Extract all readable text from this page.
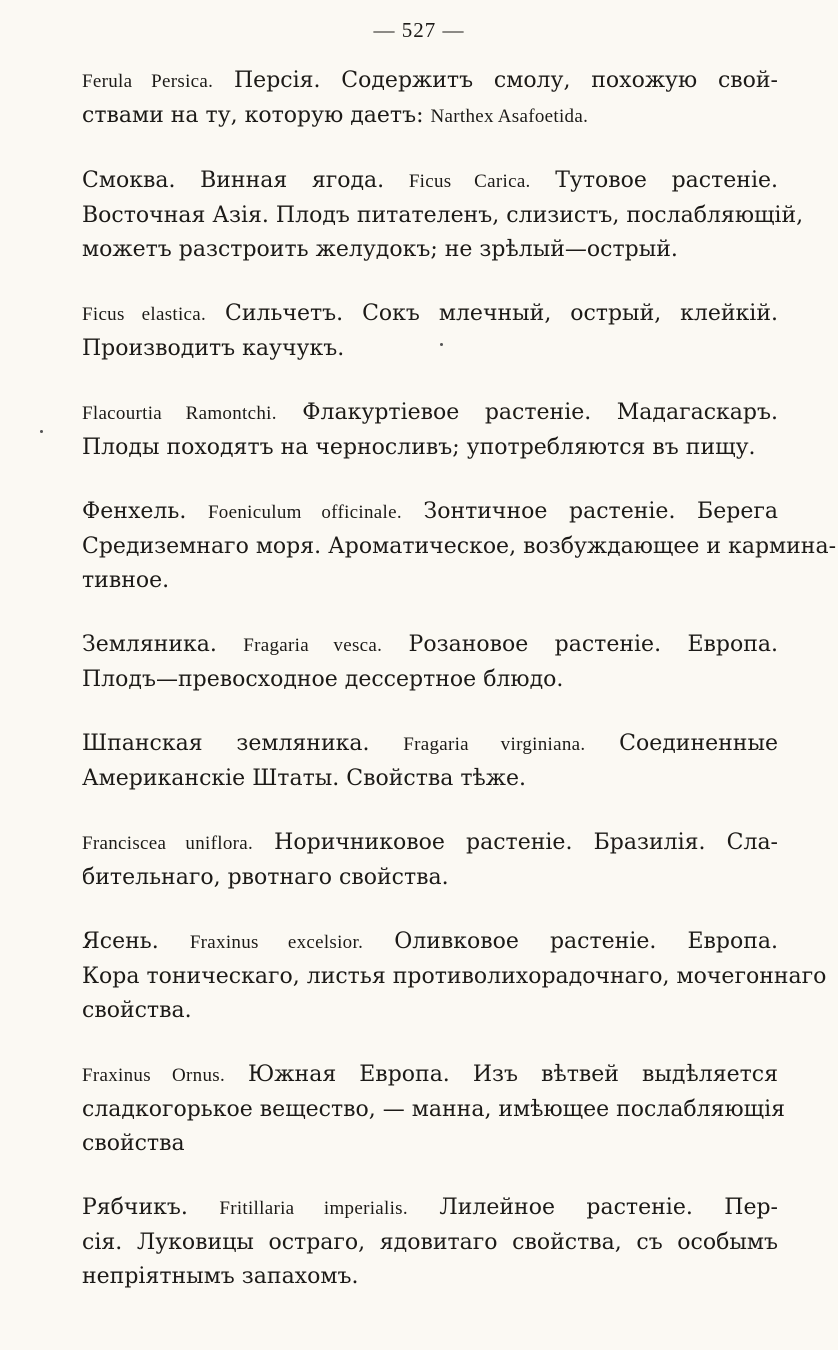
— 527 —
Ferula Persica. Персія. Содержитъ смолу, похожую свой-
ствами на ту, которую даетъ: Narthex Asafoetida.
Смоква. Винная ягода. Ficus Carica. Тутовое растеніе.
Восточная Азія. Плодъ питателенъ, слизистъ, послабляющій,
можетъ разстроить желудокъ; не зрѣлый—острый.
Ficus elastica. Сильчетъ. Сокъ млечный, острый, клейкій.
Производитъ каучукъ.
Flacourtia Ramontchi. Флакуртіевое растеніе. Мадагаскаръ.
Плоды походятъ на черносливъ; употребляются въ пищу.
Фенхель. Foeniculum officinale. Зонтичное растеніе. Берега
Средиземнаго моря. Ароматическое, возбуждающее и карминa-
тивное.
Земляника. Fragaria vesca. Розановое растеніе. Европа.
Плодъ—превосходное дессертное блюдо.
Шпанская земляника. Fragaria virginiana. Соединенные
Американскіе Штаты. Свойства тѣже.
Franciscea uniflora. Норичниковое растеніе. Бразилія. Сла-
бительнаго, рвотнаго свойства.
Ясень. Fraxinus excelsior. Оливковое растеніе. Европа.
Кора тоническаго, листья противолихорадочнаго, мочегоннаго
свойства.
Fraxinus Ornus. Южная Европа. Изъ вѣтвей выдѣляется
сладкогорькое вещество, — манна, имѣющее послабляющія
свойства
Рябчикъ. Fritillaria imperialis. Лилейное растеніе. Пер-
сія. Луковицы остраго, ядовитаго свойства, съ особымъ
непріятнымъ запахомъ.
